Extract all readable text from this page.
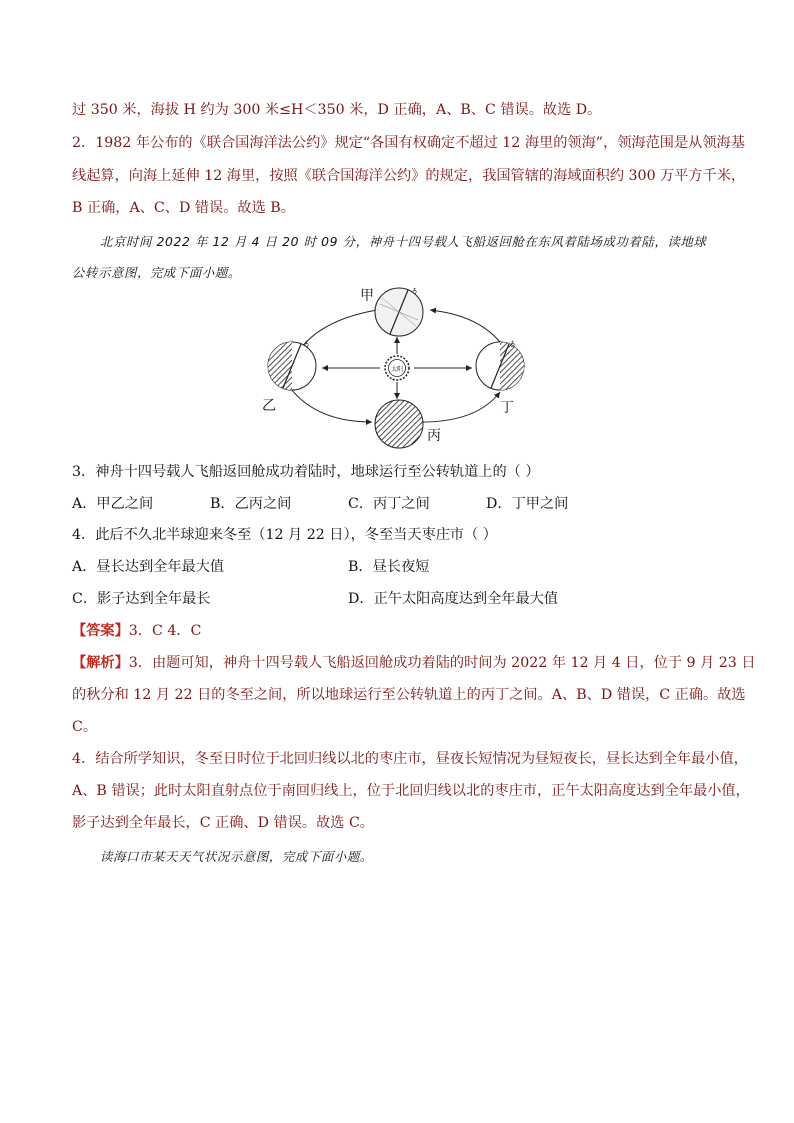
过 350 米，海拔 H 约为 300 米≤H＜350 米，D 正确，A、B、C 错误。故选 D。
2．1982 年公布的《联合国海洋法公约》规定“各国有权确定不超过 12 海里的领海”，领海范围是从领海基
线起算，向海上延伸 12 海里，按照《联合国海洋公约》的规定，我国管辖的海域面积约 300 万平方千米，
B 正确，A、C、D 错误。故选 B。
北京时间 2022 年 12 月 4 日 20 时 09 分，神舟十四号载人飞船返回舱在东风着陆场成功着陆，读地球
公转示意图，完成下面小题。
太阳
♁
甲
♁
乙
丙
♁
丁
3．神舟十四号载人飞船返回舱成功着陆时，地球运行至公转轨道上的（ ）
A．甲乙之间	B．乙丙之间	C．丙丁之间	D．丁甲之间
4．此后不久北半球迎来冬至（12 月 22 日），冬至当天枣庄市（ ）
A．昼长达到全年最大值	B．昼长夜短
C．影子达到全年最长	D．正午太阳高度达到全年最大值
【答案】3．C 4．C
【解析】3．由题可知，神舟十四号载人飞船返回舱成功着陆的时间为 2022 年 12 月 4 日，位于 9 月 23 日
的秋分和 12 月 22 日的冬至之间，所以地球运行至公转轨道上的丙丁之间。A、B、D 错误，C 正确。故选
C。
4．结合所学知识，冬至日时位于北回归线以北的枣庄市，昼夜长短情况为昼短夜长，昼长达到全年最小值，
A、B 错误；此时太阳直射点位于南回归线上，位于北回归线以北的枣庄市，正午太阳高度达到全年最小值，
影子达到全年最长，C 正确、D 错误。故选 C。
读海口市某天天气状况示意图，完成下面小题。
